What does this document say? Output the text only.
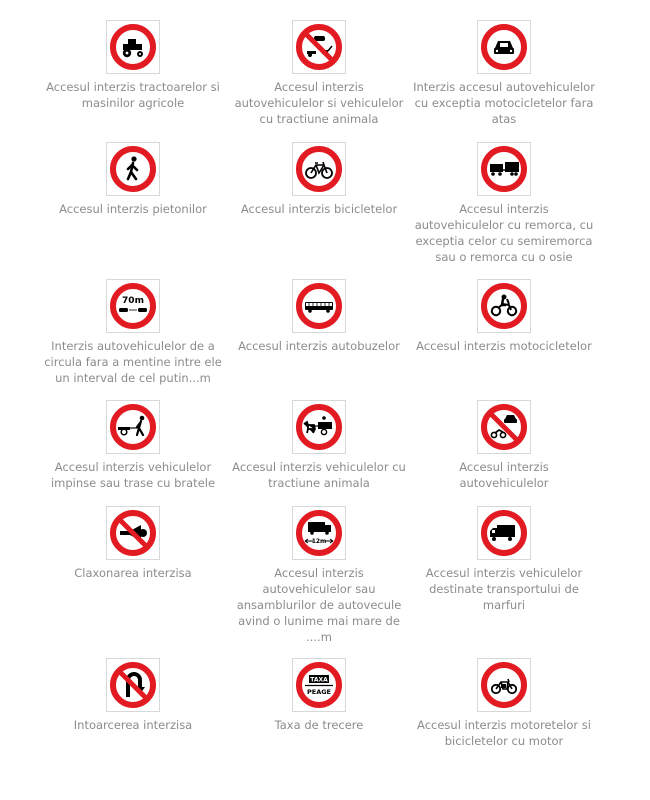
Accesul interzis tractoarelor si masinilor agricole
Accesul interzis autovehiculelor si vehiculelor cu tractiune animala
Interzis accesul autovehiculelor cu exceptia motocicletelor fara atas
Accesul interzis pietonilor	Accesul interzis bicicletelor	Accesul interzis autovehiculelor cu remorca, cu exceptia celor cu semiremorca sau o remorca cu o osie
70m
Interzis autovehiculelor de a circula fara a mentine intre ele un interval de cel putin...m
Accesul interzis autobuzelor	Accesul interzis motocicletelor
Accesul interzis vehiculelor impinse sau trase cu bratele
Accesul interzis vehiculelor cu tractiune animala
Accesul interzis autovehiculelor
Claxonarea interzisa
12m
Accesul interzis autovehiculelor sau ansamblurilor de autovecule avind o lunime mai mare de ....m
Accesul interzis vehiculelor destinate transportului de marfuri
Intoarcerea interzisa
TAXA
PEAGE
Taxa de trecere	Accesul interzis motoretelor si bicicletelor cu motor
